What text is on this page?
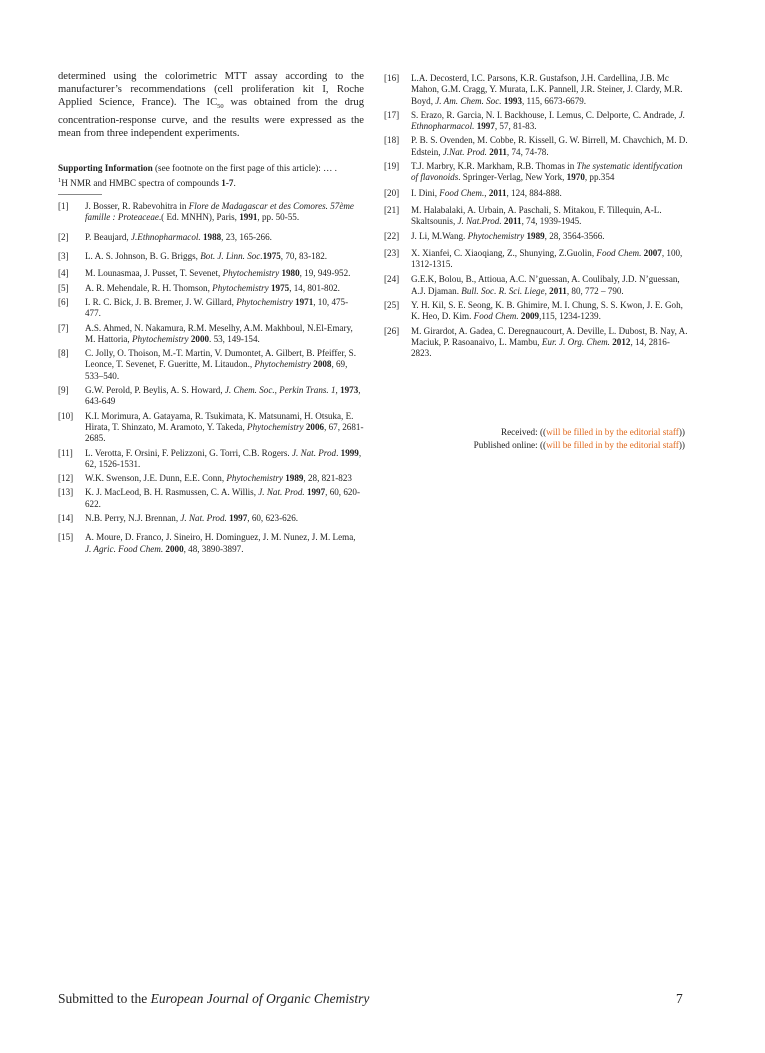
determined using the colorimetric MTT assay according to the manufacturer’s recommendations (cell proliferation kit I, Roche Applied Science, France). The $IC_{50}$ was obtained from the drug concentration-response curve, and the results were expressed as the mean from three independent experiments.

Supporting Information (see footnote on the first page of this article): … .
$^1$H NMR and HMBC spectra of compounds 1-7.
[1]	J. Bosser, R. Rabevohitra in Flore de Madagascar et des Comores. 57ème famille : Proteaceae.( Ed. MNHN), Paris, 1991, pp. 50-55.
[2]	P. Beaujard, J.Ethnopharmacol. 1988, 23, 165-266.
[3]	L. A. S. Johnson, B. G. Briggs, Bot. J. Linn. Soc.1975, 70, 83-182.
[4]	M. Lounasmaa, J. Pusset, T. Sevenet, Phytochemistry 1980, 19, 949-952.
[5]	A. R. Mehendale, R. H. Thomson, Phytochemistry 1975, 14, 801-802.
[6]	I. R. C. Bick, J. B. Bremer, J. W. Gillard, Phytochemistry 1971, 10, 475-477.
[7]	A.S. Ahmed, N. Nakamura, R.M. Meselhy, A.M. Makhboul, N.El-Emary, M. Hattoria, Phytochemistry 2000. 53, 149-154.
[8]	C. Jolly, O. Thoison, M.-T. Martin, V. Dumontet, A. Gilbert, B. Pfeiffer, S. Leonce, T. Sevenet, F. Gueritte, M. Litaudon., Phytochemistry 2008, 69, 533–540.
[9]	G.W. Perold, P. Beylis, A. S. Howard, J. Chem. Soc., Perkin Trans. 1, 1973, 643-649
[10]	K.I. Morimura, A. Gatayama, R. Tsukimata, K. Matsunami, H. Otsuka, E. Hirata, T. Shinzato, M. Aramoto, Y. Takeda, Phytochemistry 2006, 67, 2681-2685.
[11]	L. Verotta, F. Orsini, F. Pelizzoni, G. Torri, C.B. Rogers. J. Nat. Prod. 1999, 62, 1526-1531.
[12]	W.K. Swenson, J.E. Dunn, E.E. Conn, Phytochemistry 1989, 28, 821-823
[13]	K. J. MacLeod, B. H. Rasmussen, C. A. Willis, J. Nat. Prod. 1997, 60, 620-622.
[14]	N.B. Perry, N.J. Brennan, J. Nat. Prod. 1997, 60, 623-626.
[15]	A. Moure, D. Franco, J. Sineiro, H. Dominguez, J. M. Nunez, J. M. Lema, J. Agric. Food Chem. 2000, 48, 3890-3897.
[16]	L.A. Decosterd, I.C. Parsons, K.R. Gustafson, J.H. Cardellina, J.B. Mc Mahon, G.M. Cragg, Y. Murata, L.K. Pannell, J.R. Steiner, J. Clardy, M.R. Boyd, J. Am. Chem. Soc. 1993, 115, 6673-6679.
[17]	S. Erazo, R. Garcia, N. I. Backhouse, I. Lemus, C. Delporte, C. Andrade, J. Ethnopharmacol. 1997, 57, 81-83.
[18]	P. B. S. Ovenden, M. Cobbe, R. Kissell, G. W. Birrell, M. Chavchich, M. D. Edstein, J.Nat. Prod. 2011, 74, 74-78.
[19]	T.J. Marbry, K.R. Markham, R.B. Thomas in The systematic identifycation of flavonoids. Springer-Verlag, New York, 1970, pp.354
[20]	I. Dini, Food Chem., 2011, 124, 884-888.
[21]	M. Halabalaki, A. Urbain, A. Paschali, S. Mitakou, F. Tillequin, A-L. Skaltsounis, J. Nat.Prod. 2011, 74, 1939-1945.
[22]	J. Li, M.Wang. Phytochemistry 1989, 28, 3564-3566.
[23]	X. Xianfei, C. Xiaoqiang, Z., Shunying, Z.Guolin, Food Chem. 2007, 100, 1312-1315.
[24]	G.E.K, Bolou, B., Attioua, A.C. N’guessan, A. Coulibaly, J.D. N’guessan, A.J. Djaman. Bull. Soc. R. Sci. Liege, 2011, 80, 772 – 790.
[25]	Y. H. Kil, S. E. Seong, K. B. Ghimire, M. I. Chung, S. S. Kwon, J. E. Goh, K. Heo, D. Kim. Food Chem. 2009,115, 1234-1239.
[26]	M. Girardot, A. Gadea, C. Deregnaucourt, A. Deville, L. Dubost, B. Nay, A. Maciuk, P. Rasoanaivo, L. Mambu, Eur. J. Org. Chem. 2012, 14, 2816-2823.
Received: ((will be filled in by the editorial staff))
Published online: ((will be filled in by the editorial staff))
Submitted to the European Journal of Organic Chemistry	7
